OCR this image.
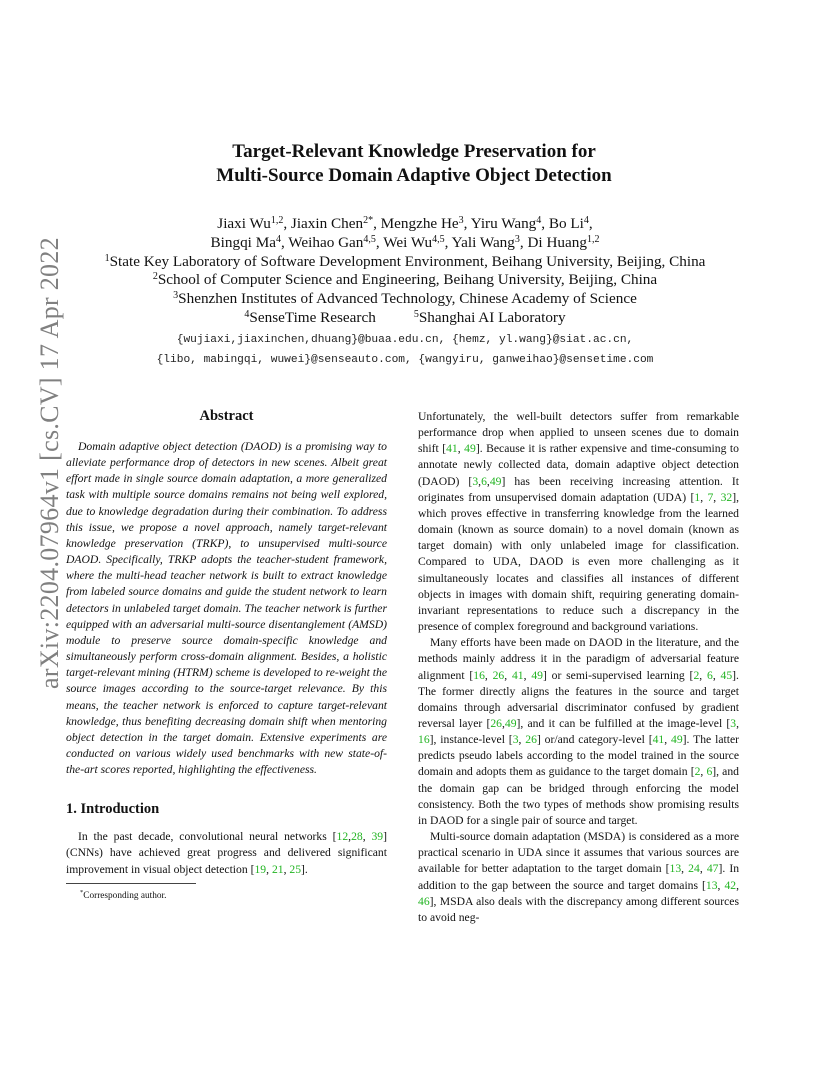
arXiv:2204.07964v1 [cs.CV] 17 Apr 2022
Target-Relevant Knowledge Preservation for
Multi-Source Domain Adaptive Object Detection
Jiaxi Wu$^{1,2}$, Jiaxin Chen$^{2*}$, Mengzhe He$^3$, Yiru Wang$^4$, Bo Li$^4$,
Bingqi Ma$^4$, Weihao Gan$^{4,5}$, Wei Wu$^{4,5}$, Yali Wang$^3$, Di Huang$^{1,2}$
$^1$State Key Laboratory of Software Development Environment, Beihang University, Beijing, China
$^2$School of Computer Science and Engineering, Beihang University, Beijing, China
$^3$Shenzhen Institutes of Advanced Technology, Chinese Academy of Science
$^4$SenseTime Research	$^5$Shanghai AI Laboratory
{wujiaxi,jiaxinchen,dhuang}@buaa.edu.cn, {hemz, yl.wang}@siat.ac.cn,
{libo, mabingqi, wuwei}@senseauto.com, {wangyiru, ganweihao}@sensetime.com
Abstract

Domain adaptive object detection (DAOD) is a promising way to alleviate performance drop of detectors in new scenes. Albeit great effort made in single source domain adaptation, a more generalized task with multiple source domains remains not being well explored, due to knowledge degradation during their combination. To address this issue, we propose a novel approach, namely target-relevant knowledge preservation (TRKP), to unsupervised multi-source DAOD. Specifically, TRKP adopts the teacher-student framework, where the multi-head teacher network is built to extract knowledge from labeled source domains and guide the student network to learn detectors in unlabeled target domain. The teacher network is further equipped with an adversarial multi-source disentanglement (AMSD) module to preserve source domain-specific knowledge and simultaneously perform cross-domain alignment. Besides, a holistic target-relevant mining (HTRM) scheme is developed to re-weight the source images according to the source-target relevance. By this means, the teacher network is enforced to capture target-relevant knowledge, thus benefiting decreasing domain shift when mentoring object detection in the target domain. Extensive experiments are conducted on various widely used benchmarks with new state-of-the-art scores reported, highlighting the effectiveness.

1. Introduction

In the past decade, convolutional neural networks [12,28, 39] (CNNs) have achieved great progress and delivered significant improvement in visual object detection [19, 21, 25].

*Corresponding author.

Unfortunately, the well-built detectors suffer from remarkable performance drop when applied to unseen scenes due to domain shift [41, 49]. Because it is rather expensive and time-consuming to annotate newly collected data, domain adaptive object detection (DAOD) [3,6,49] has been receiving increasing attention. It originates from unsupervised domain adaptation (UDA) [1, 7, 32], which proves effective in transferring knowledge from the learned domain (known as source domain) to a novel domain (known as target domain) with only unlabeled image for classification. Compared to UDA, DAOD is even more challenging as it simultaneously locates and classifies all instances of different objects in images with domain shift, requiring generating domain-invariant representations to reduce such a discrepancy in the presence of complex foreground and background variations.

Many efforts have been made on DAOD in the literature, and the methods mainly address it in the paradigm of adversarial feature alignment [16, 26, 41, 49] or semi-supervised learning [2, 6, 45]. The former directly aligns the features in the source and target domains through adversarial discriminator confused by gradient reversal layer [26,49], and it can be fulfilled at the image-level [3, 16], instance-level [3, 26] or/and category-level [41, 49]. The latter predicts pseudo labels according to the model trained in the source domain and adopts them as guidance to the target domain [2, 6], and the domain gap can be bridged through enforcing the model consistency. Both the two types of methods show promising results in DAOD for a single pair of source and target.

Multi-source domain adaptation (MSDA) is considered as a more practical scenario in UDA since it assumes that various sources are available for better adaptation to the target domain [13, 24, 47]. In addition to the gap between the source and target domains [13, 42, 46], MSDA also deals with the discrepancy among different sources to avoid neg-
